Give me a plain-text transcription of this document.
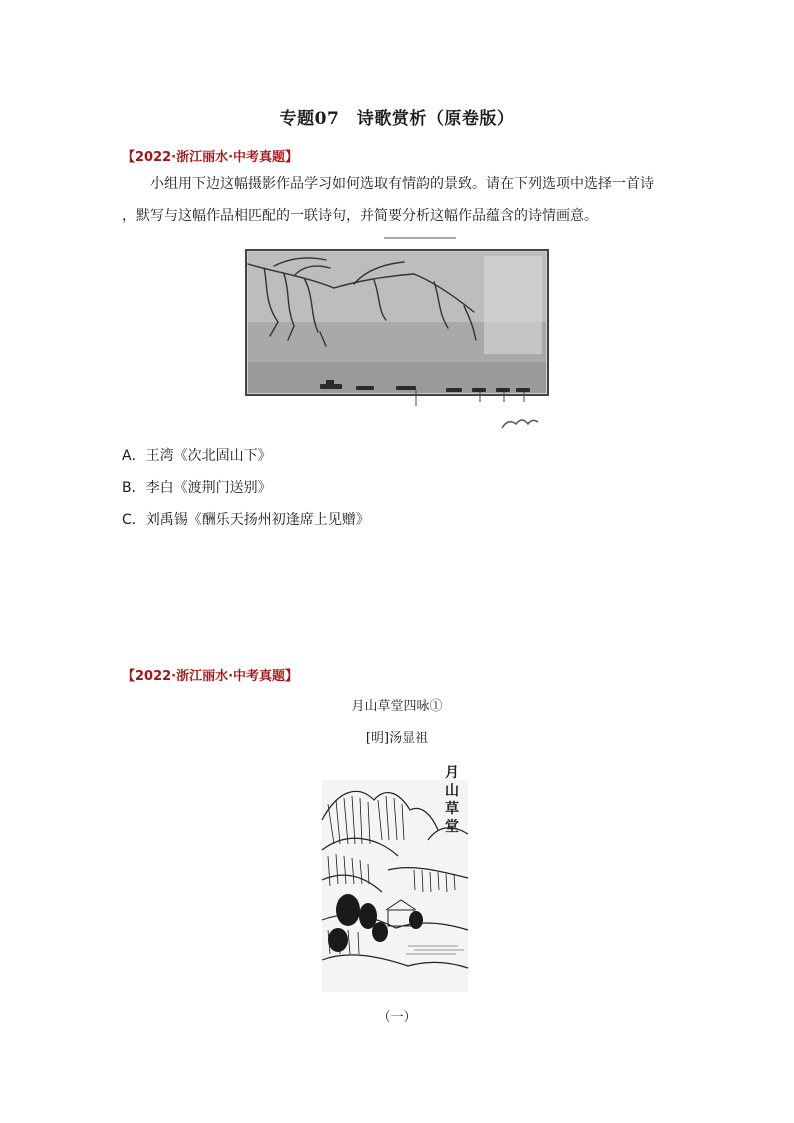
专题07　诗歌赏析（原卷版）
【2022·浙江丽水·中考真题】
小组用下边这幅摄影作品学习如何选取有情韵的景致。请在下列选项中选择一首诗
，默写与这幅作品相匹配的一联诗句，并简要分析这幅作品蕴含的诗情画意。
A．王湾《次北固山下》
B．李白《渡荆门送别》
C．刘禹锡《酬乐天扬州初逢席上见赠》
【2022·浙江丽水·中考真题】
月山草堂四咏①
[明]汤显祖
月山草堂
（一）
